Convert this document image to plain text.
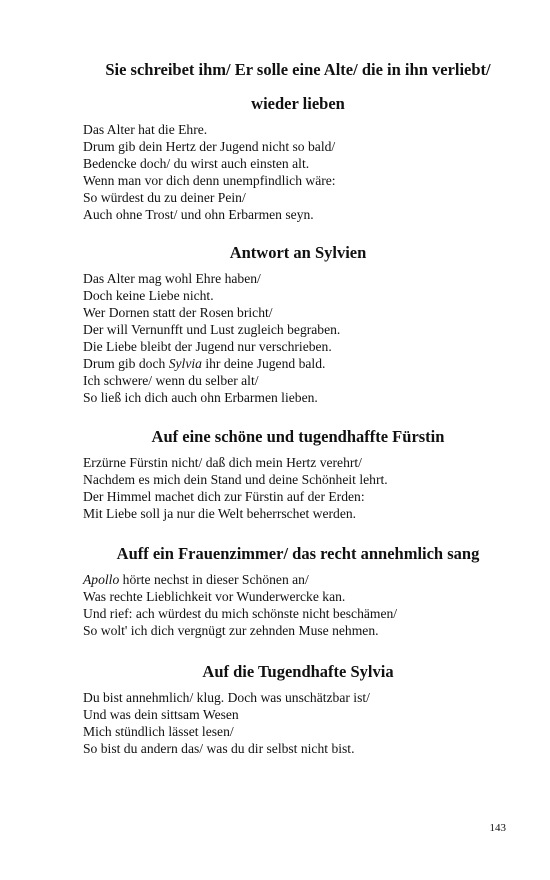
Sie schreibet ihm/ Er solle eine Alte/ die in ihn verliebt/
wieder lieben
Das Alter hat die Ehre.
Drum gib dein Hertz der Jugend nicht so bald/
Bedencke doch/ du wirst auch einsten alt.
Wenn man vor dich denn unempfindlich wäre:
So würdest du zu deiner Pein/
Auch ohne Trost/ und ohn Erbarmen seyn.
Antwort an Sylvien
Das Alter mag wohl Ehre haben/
Doch keine Liebe nicht.
Wer Dornen statt der Rosen bricht/
Der will Vernunfft und Lust zugleich begraben.
Die Liebe bleibt der Jugend nur verschrieben.
Drum gib doch Sylvia ihr deine Jugend bald.
Ich schwere/ wenn du selber alt/
So ließ ich dich auch ohn Erbarmen lieben.
Auf eine schöne und tugendhaffte Fürstin
Erzürne Fürstin nicht/ daß dich mein Hertz verehrt/
Nachdem es mich dein Stand und deine Schönheit lehrt.
Der Himmel machet dich zur Fürstin auf der Erden:
Mit Liebe soll ja nur die Welt beherrschet werden.
Auff ein Frauenzimmer/ das recht annehmlich sang
Apollo hörte nechst in dieser Schönen an/
Was rechte Lieblichkeit vor Wunderwercke kan.
Und rief: ach würdest du mich schönste nicht beschämen/
So wolt' ich dich vergnügt zur zehnden Muse nehmen.
Auf die Tugendhafte Sylvia
Du bist annehmlich/ klug. Doch was unschätzbar ist/
Und was dein sittsam Wesen
Mich stündlich lässet lesen/
So bist du andern das/ was du dir selbst nicht bist.
143
